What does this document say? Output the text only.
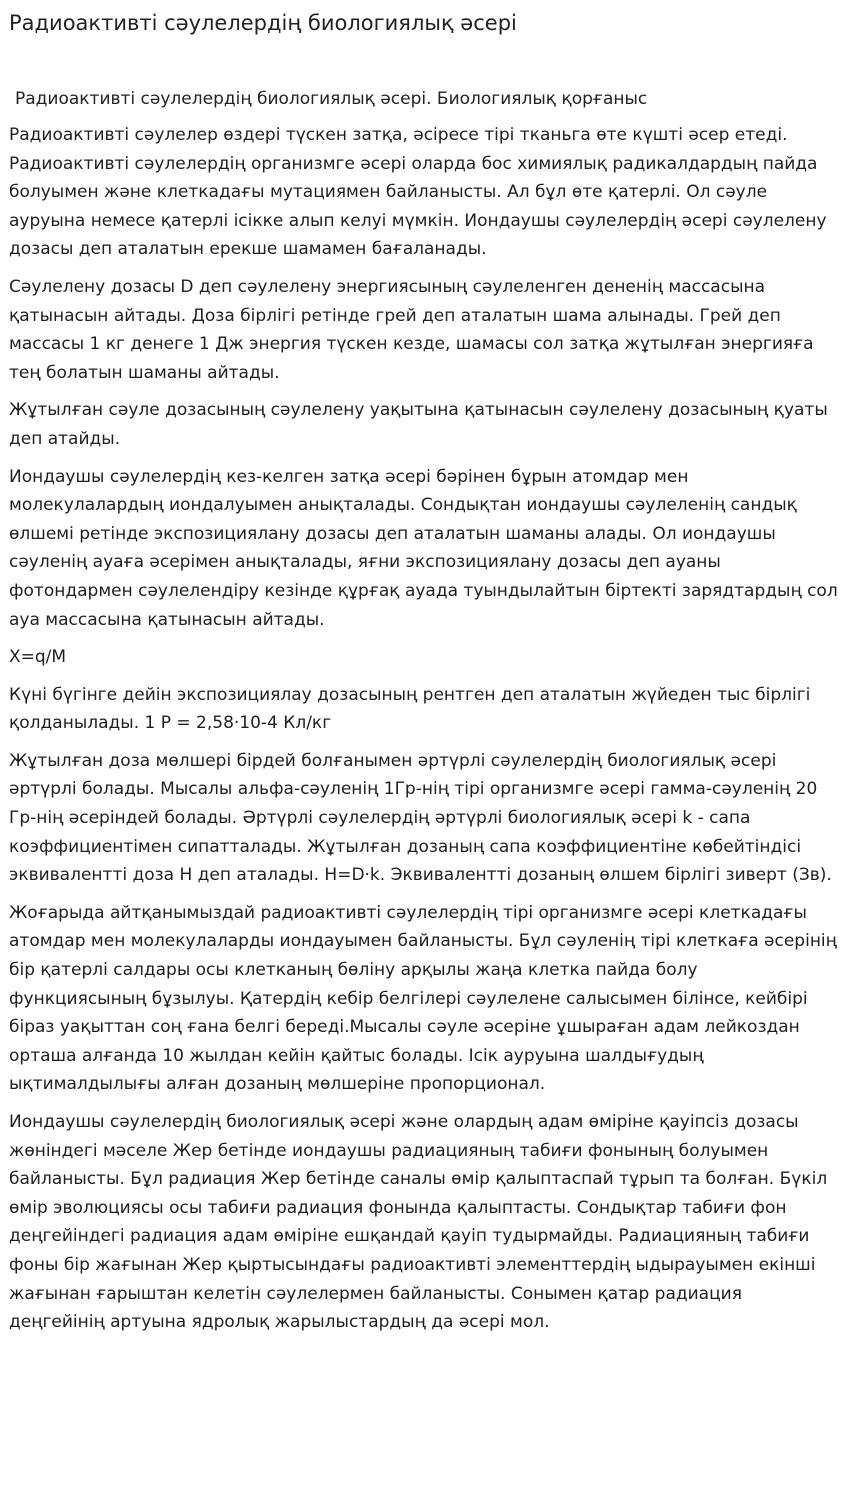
Радиоактивті сәулелердің биологиялық әсері
Радиоактивті сәулелердің биологиялық әсері. Биологиялық қорғаныс

Радиоактивті сәулелер өздері түскен затқа, әсіресе тірі тканьга өте күшті әсер етеді. Радиоактивті сәулелердің организмге әсері оларда бос химиялық радикалдардың пайда болуымен және клеткадағы мутациямен байланысты. Ал бұл өте қатерлі. Ол сәуле ауруына немесе қатерлі ісікке алып келуі мүмкін. Иондаушы сәулелердің әсері сәулелену дозасы деп аталатын ерекше шамамен бағаланады.

Сәулелену дозасы D деп сәулелену энергиясының сәулеленген дененің массасына қатынасын айтады. Доза бірлігі ретінде грей деп аталатын шама алынады. Грей деп массасы 1 кг денеге 1 Дж энергия түскен кезде, шамасы сол затқа жұтылған энергияға тең болатын шаманы айтады.

Жұтылған сәуле дозасының сәулелену уақытына қатынасын сәулелену дозасының қуаты деп атайды.

Иондаушы сәулелердің кез-келген затқа әсері бәрінен бұрын атомдар мен молекулалардың иондалуымен анықталады. Сондықтан иондаушы сәулеленің сандық өлшемі ретінде экспозициялану дозасы деп аталатын шаманы алады. Ол иондаушы сәуленің ауаға әсерімен анықталады, яғни экспозициялану дозасы деп ауаны фотондармен сәулелендіру кезінде құрғақ ауада туындылайтын біртекті зарядтардың сол ауа массасына қатынасын айтады.

X=q/M

Күні бүгінге дейін экспозициялау дозасының рентген деп аталатын жүйеден тыс бірлігі қолданылады. 1 Р = 2,58·10-4 Кл/кг

Жұтылған доза мөлшері бірдей болғанымен әртүрлі сәулелердің биологиялық әсері әртүрлі болады. Мысалы альфа-сәуленің 1Гр-нің тірі организмге әсері гамма-сәуленің 20 Гр-нің әсеріндей болады. Әртүрлі сәулелердің әртүрлі биологиялық әсері k - сапа коэффициентімен сипатталады. Жұтылған дозаның сапа коэффициентіне көбейтіндісі эквиваленттi доза Н деп аталады. H=D·k. Эквиваленттi дозаның өлшем бірлігі зиверт (Зв).

Жоғарыда айтқанымыздай радиоактивті сәулелердің тірі организмге әсері клеткадағы атомдар мен молекулаларды иондауымен байланысты. Бұл сәуленің тірі клеткаға әсерінің бір қатерлі салдары осы клетканың бөліну арқылы жаңа клетка пайда болу функциясының бұзылуы. Қатердің кебір белгілері сәулелене салысымен білінсе, кейбірі біраз уақыттан соң ғана белгі береді.Мысалы сәуле әсеріне ұшыраған адам лейкоздан орташа алғанда 10 жылдан кейін қайтыс болады. Ісік ауруына шалдығудың ықтималдылығы алған дозаның мөлшеріне пропорционал.

Иондаушы сәулелердің биологиялық әсері және олардың адам өміріне қауіпсіз дозасы жөніндегі мәселе Жер бетінде иондаушы радиацияның табиғи фонының болуымен байланысты. Бұл радиация Жер бетінде саналы өмір қалыптаспай тұрып та болған. Бүкіл өмір эволюциясы осы табиғи радиация фонында қалыптасты. Сондықтар табиғи фон деңгейіндегі радиация адам өміріне ешқандай қауіп тудырмайды. Радиацияның табиғи фоны бір жағынан Жер қыртысындағы радиоактивті элементтердің ыдырауымен екінші жағынан ғарыштан келетін сәулелермен байланысты. Сонымен қатар радиация деңгейінің артуына ядролық жарылыстардың да әсері мол.
